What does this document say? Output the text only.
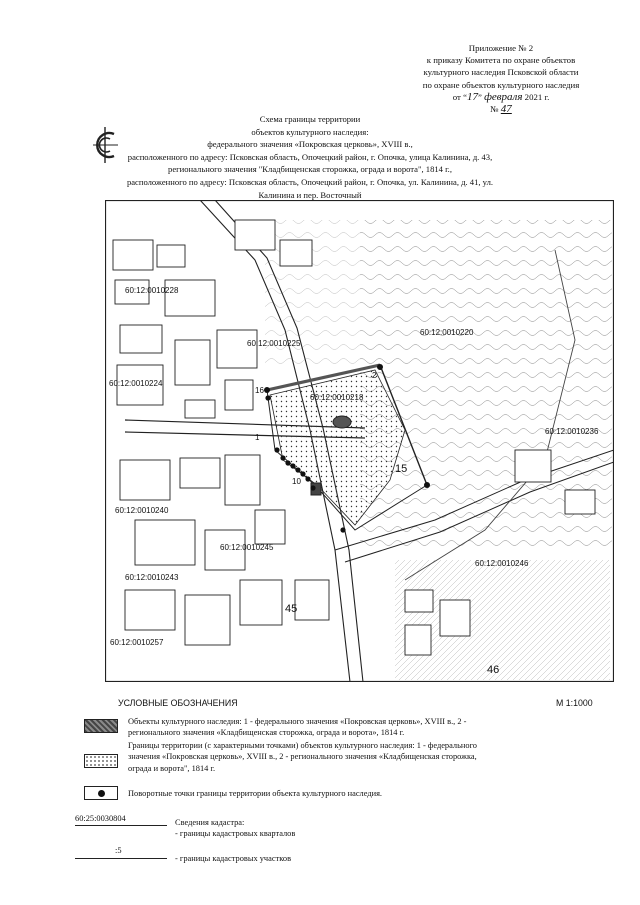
Приложение № 2
к приказу Комитета по охране объектов
культурного наследия Псковской области
по охране объектов культурного наследия
от “17” февраля 2021 г.
№ 47
Схема границы территории
объектов культурного наследия:
федерального значения «Покровская церковь», XVIII в.,
расположенного по адресу: Псковская область, Опочецкий район, г. Опочка, улица Калинина, д. 43,
регионального значения "Кладбищенская сторожка, ограда и ворота", 1814 г.,
расположенного по адресу: Псковская область, Опочецкий район, г. Опочка, ул. Калинина, д. 41, ул.
Калинина и пер. Восточный
60:12:0010228
60:12:0010225
60:12:0010224
60:12:0010220
60:12:0010218
60:12:0010236
60:12:0010246
60:12:0010245
60:12:0010243
60:12:0010257
60:12:0010240
45
46
15
16
2
1
10
УСЛОВНЫЕ ОБОЗНАЧЕНИЯ	М 1:1000
Объекты культурного наследия: 1 - федерального значения «Покровская церковь», XVIII в., 2 -
регионального значения «Кладбищенская сторожка, ограда и ворота», 1814 г.
Границы территории (с характерными точками) объектов культурного наследия: 1 - федерального
значения «Покровская церковь», XVIII в., 2 - регионального значения «Кладбищенская сторожка,
ограда и ворота", 1814 г.
Поворотные точки границы территории объекта культурного наследия.
60:25:0030804	Сведения кадастра:
- границы кадастровых кварталов
:5
- границы кадастровых участков
